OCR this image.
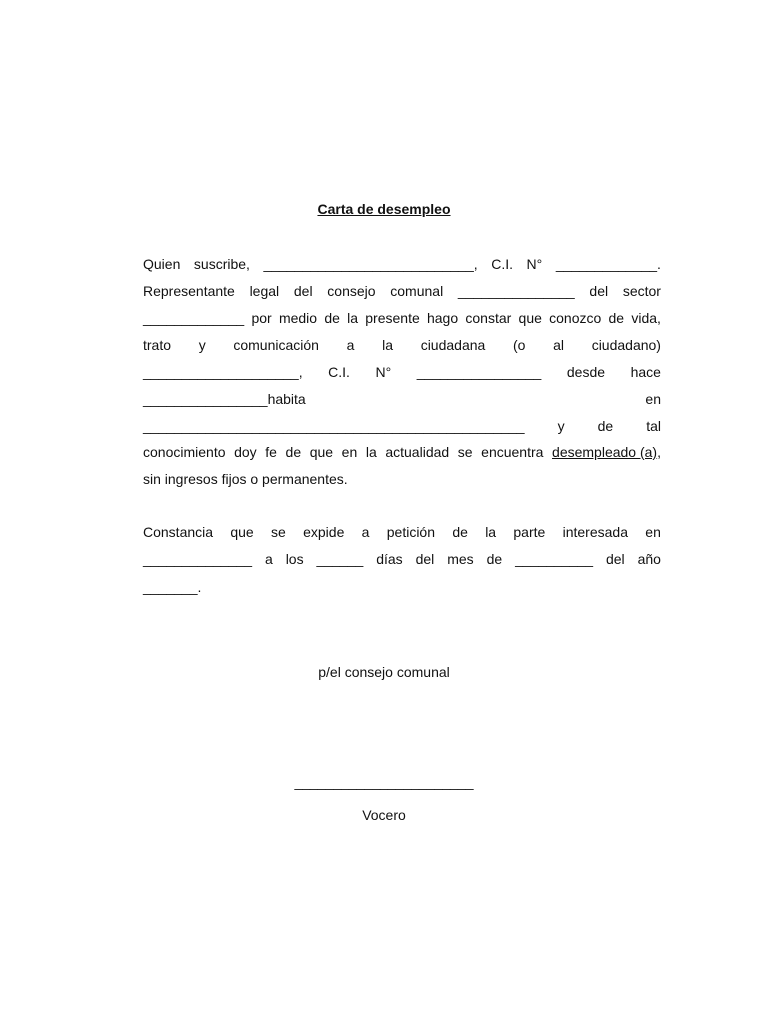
Carta de desempleo
Quien suscribe, ___________________________, C.I. N° _____________.
Representante legal del consejo comunal _______________ del sector
_____________ por medio de la presente hago constar que conozco de vida,
trato y comunicación a la ciudadana (o al ciudadano)
____________________, C.I. N° ________________ desde hace
________________habita	en
_________________________________________________ y de tal
conocimiento doy fe de que en la actualidad se encuentra desempleado (a),
sin ingresos fijos o permanentes.
Constancia que se expide a petición de la parte interesada en
______________ a los ______ días del mes de __________ del año
_______.
p/el consejo comunal
_______________________
Vocero
